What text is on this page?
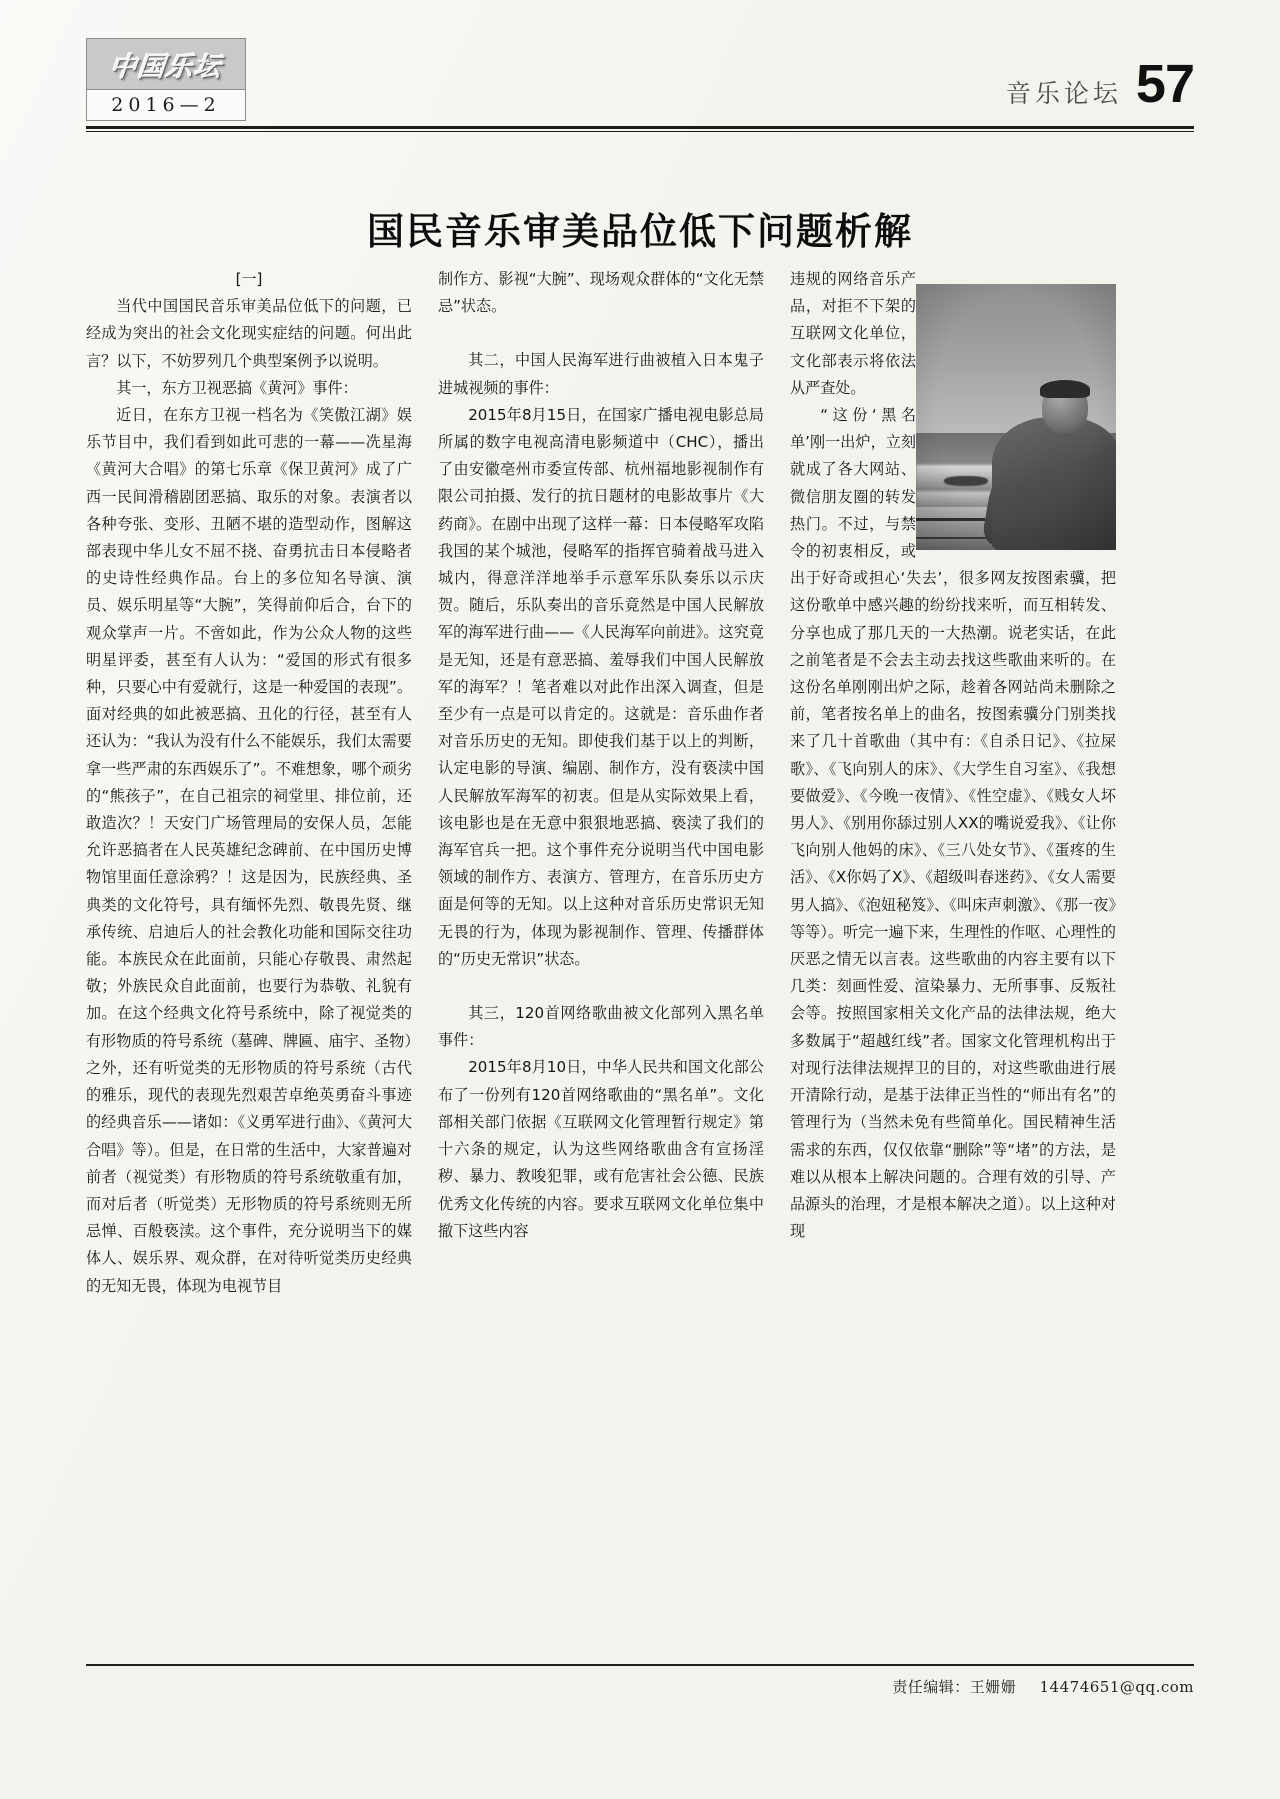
中国乐坛
2016—2	音乐论坛 57
国民音乐审美品位低下问题析解

[一]

当代中国国民音乐审美品位低下的问题，已经成为突出的社会文化现实症结的问题。何出此言？以下，不妨罗列几个典型案例予以说明。

其一，东方卫视恶搞《黄河》事件：

近日，在东方卫视一档名为《笑傲江湖》娱乐节目中，我们看到如此可悲的一幕——冼星海《黄河大合唱》的第七乐章《保卫黄河》成了广西一民间滑稽剧团恶搞、取乐的对象。表演者以各种夸张、变形、丑陋不堪的造型动作，图解这部表现中华儿女不屈不挠、奋勇抗击日本侵略者的史诗性经典作品。台上的多位知名导演、演员、娱乐明星等“大腕”，笑得前仰后合，台下的观众掌声一片。不啻如此，作为公众人物的这些明星评委，甚至有人认为：“爱国的形式有很多种，只要心中有爱就行，这是一种爱国的表现”。面对经典的如此被恶搞、丑化的行径，甚至有人还认为：“我认为没有什么不能娱乐，我们太需要拿一些严肃的东西娱乐了”。不难想象，哪个顽劣的“熊孩子”，在自己祖宗的祠堂里、排位前，还敢造次？！天安门广场管理局的安保人员，怎能允许恶搞者在人民英雄纪念碑前、在中国历史博物馆里面任意涂鸦？！这是因为，民族经典、圣典类的文化符号，具有缅怀先烈、敬畏先贤、继承传统、启迪后人的社会教化功能和国际交往功能。本族民众在此面前，只能心存敬畏、肃然起敬；外族民众自此面前，也要行为恭敬、礼貌有加。在这个经典文化符号系统中，除了视觉类的有形物质的符号系统（墓碑、牌匾、庙宇、圣物）之外，还有听觉类的无形物质的符号系统（古代的雅乐，现代的表现先烈艰苦卓绝英勇奋斗事迹的经典音乐——诸如：《义勇军进行曲》、《黄河大合唱》等）。但是，在日常的生活中，大家普遍对前者（视觉类）有形物质的符号系统敬重有加，而对后者（听觉类）无形物质的符号系统则无所忌惮、百般亵渎。这个事件，充分说明当下的媒体人、娱乐界、观众群，在对待听觉类历史经典的无知无畏，体现为电视节目

制作方、影视“大腕”、现场观众群体的“文化无禁忌”状态。

其二，中国人民海军进行曲被植入日本鬼子进城视频的事件：

2015年8月15日，在国家广播电视电影总局所属的数字电视高清电影频道中（CHC），播出了由安徽亳州市委宣传部、杭州福地影视制作有限公司拍摄、发行的抗日题材的电影故事片《大药商》。在剧中出现了这样一幕：日本侵略军攻陷我国的某个城池，侵略军的指挥官骑着战马进入城内，得意洋洋地举手示意军乐队奏乐以示庆贺。随后，乐队奏出的音乐竟然是中国人民解放军的海军进行曲——《人民海军向前进》。这究竟是无知，还是有意恶搞、羞辱我们中国人民解放军的海军？！笔者难以对此作出深入调查，但是至少有一点是可以肯定的。这就是：音乐曲作者对音乐历史的无知。即使我们基于以上的判断，认定电影的导演、编剧、制作方，没有亵渎中国人民解放军海军的初衷。但是从实际效果上看，该电影也是在无意中狠狠地恶搞、亵渎了我们的海军官兵一把。这个事件充分说明当代中国电影领域的制作方、表演方、管理方，在音乐历史方面是何等的无知。以上这种对音乐历史常识无知无畏的行为，体现为影视制作、管理、传播群体的“历史无常识”状态。

其三，120首网络歌曲被文化部列入黑名单事件：

2015年8月10日，中华人民共和国文化部公布了一份列有120首网络歌曲的“黑名单”。文化部相关部门依据《互联网文化管理暂行规定》第十六条的规定，认为这些网络歌曲含有宣扬淫秽、暴力、教唆犯罪，或有危害社会公德、民族优秀文化传统的内容。要求互联网文化单位集中撤下这些内容

违规的网络音乐产品，对拒不下架的互联网文化单位，文化部表示将依法从严查处。

“这份‘黑名单’刚一出炉，立刻就成了各大网站、微信朋友圈的转发热门。不过，与禁令的初衷相反，或出于好奇或担心‘失去’，很多网友按图索骥，把这份歌单中感兴趣的纷纷找来听，而互相转发、分享也成了那几天的一大热潮。说老实话，在此之前笔者是不会去主动去找这些歌曲来听的。在这份名单刚刚出炉之际，趁着各网站尚未删除之前，笔者按名单上的曲名，按图索骥分门别类找来了几十首歌曲（其中有：《自杀日记》、《拉屎歌》、《飞向别人的床》、《大学生自习室》、《我想要做爱》、《今晚一夜情》、《性空虚》、《贱女人坏男人》、《别用你舔过别人XX的嘴说爱我》、《让你飞向别人他妈的床》、《三八处女节》、《蛋疼的生活》、《X你妈了X》、《超级叫春迷药》、《女人需要男人搞》、《泡妞秘笈》、《叫床声刺激》、《那一夜》等等）。听完一遍下来，生理性的作呕、心理性的厌恶之情无以言表。这些歌曲的内容主要有以下几类：刻画性爱、渲染暴力、无所事事、反叛社会等。按照国家相关文化产品的法律法规，绝大多数属于“超越红线”者。国家文化管理机构出于对现行法律法规捍卫的目的，对这些歌曲进行展开清除行动，是基于法律正当性的“师出有名”的管理行为（当然未免有些简单化。国民精神生活需求的东西，仅仅依靠“删除”等“堵”的方法，是难以从根本上解决问题的。合理有效的引导、产品源头的治理，才是根本解决之道）。以上这种对现

责任编辑：王姗姗 14474651@qq.com
